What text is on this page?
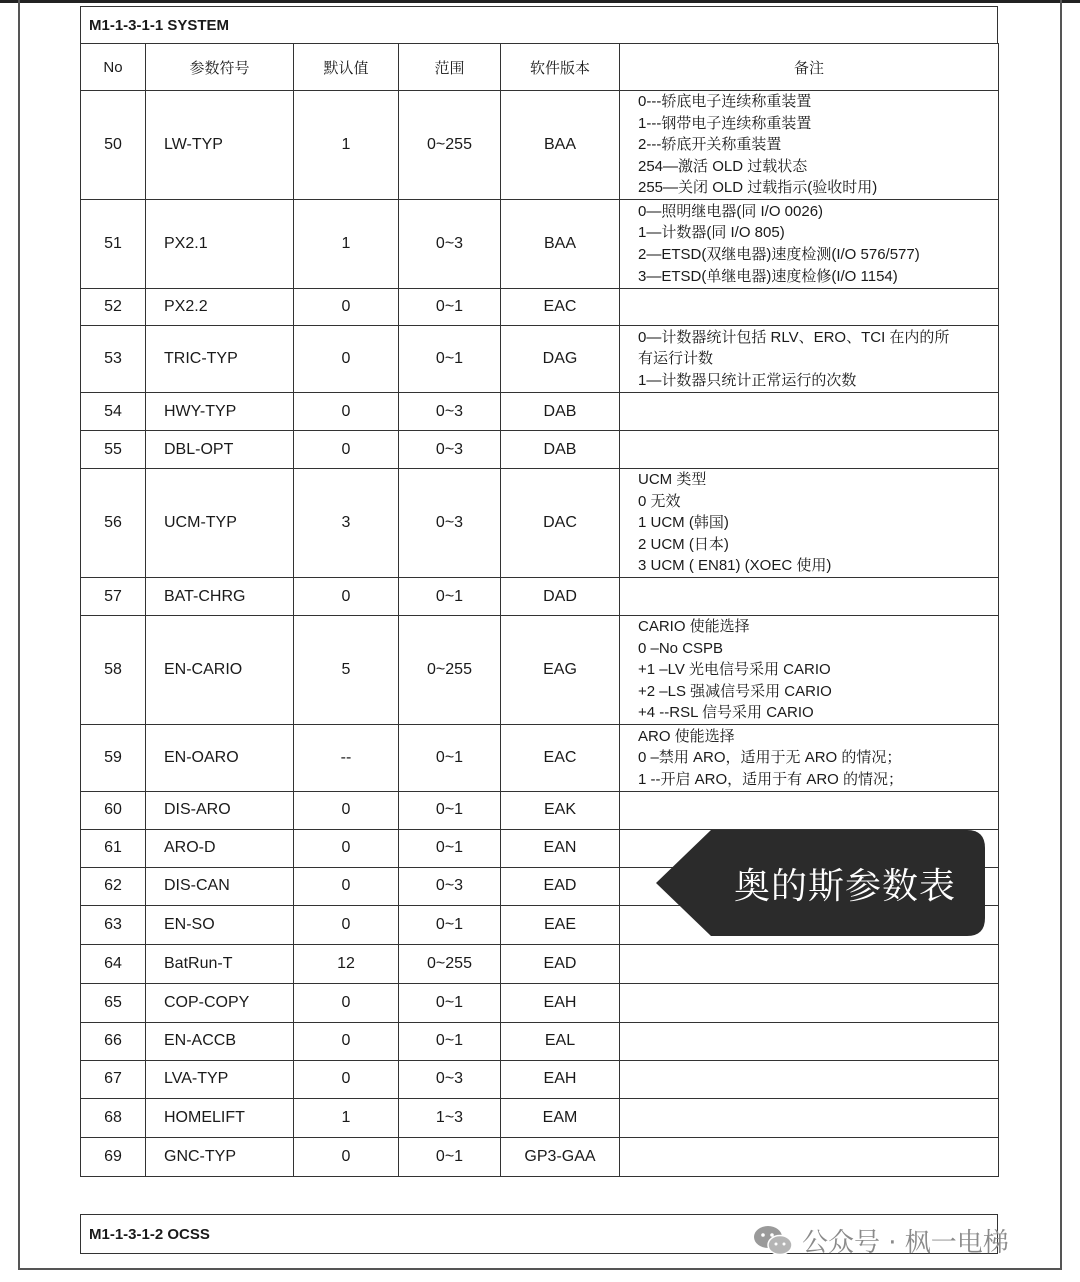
M1-1-3-1-1 SYSTEM
No	参数符号	默认值	范围	软件版本	备注
50	LW-TYP	1	0~255	BAA	0---轿底电子连续称重装置
1---钢带电子连续称重装置
2---轿底开关称重装置
254—激活 OLD 过载状态
255—关闭 OLD 过载指示(验收时用)

51	PX2.1	1	0~3	BAA	0—照明继电器(同 I/O 0026)
1—计数器(同 I/O 805)
2—ETSD(双继电器)速度检测(I/O 576/577)
3—ETSD(单继电器)速度检修(I/O 1154)

52	PX2.2	0	0~1	EAC	
53	TRIC-TYP	0	0~1	DAG	0—计数器统计包括 RLV、ERO、TCI 在内的所
有运行计数
1—计数器只统计正常运行的次数

54	HWY-TYP	0	0~3	DAB	
55	DBL-OPT	0	0~3	DAB	
56	UCM-TYP	3	0~3	DAC	UCM 类型
0 无效
1 UCM (韩国)
2 UCM (日本)
3 UCM ( EN81) (XOEC 使用)

57	BAT-CHRG	0	0~1	DAD	
58	EN-CARIO	5	0~255	EAG	CARIO 使能选择
0 –No CSPB
+1 –LV 光电信号采用 CARIO
+2 –LS 强减信号采用 CARIO
+4 --RSL 信号采用 CARIO

59	EN-OARO	--	0~1	EAC	ARO 使能选择
0 –禁用 ARO，适用于无 ARO 的情况；
1 --开启 ARO，适用于有 ARO 的情况；

60	DIS-ARO	0	0~1	EAK	
61	ARO-D	0	0~1	EAN	
62	DIS-CAN	0	0~3	EAD	
63	EN-SO	0	0~1	EAE	
64	BatRun-T	12	0~255	EAD	
65	COP-COPY	0	0~1	EAH	
66	EN-ACCB	0	0~1	EAL	
67	LVA-TYP	0	0~3	EAH	
68	HOMELIFT	1	1~3	EAM	
69	GNC-TYP	0	0~1	GP3-GAA	
奥的斯参数表
M1-1-3-1-2 OCSS	公众号 · 枫一电梯
